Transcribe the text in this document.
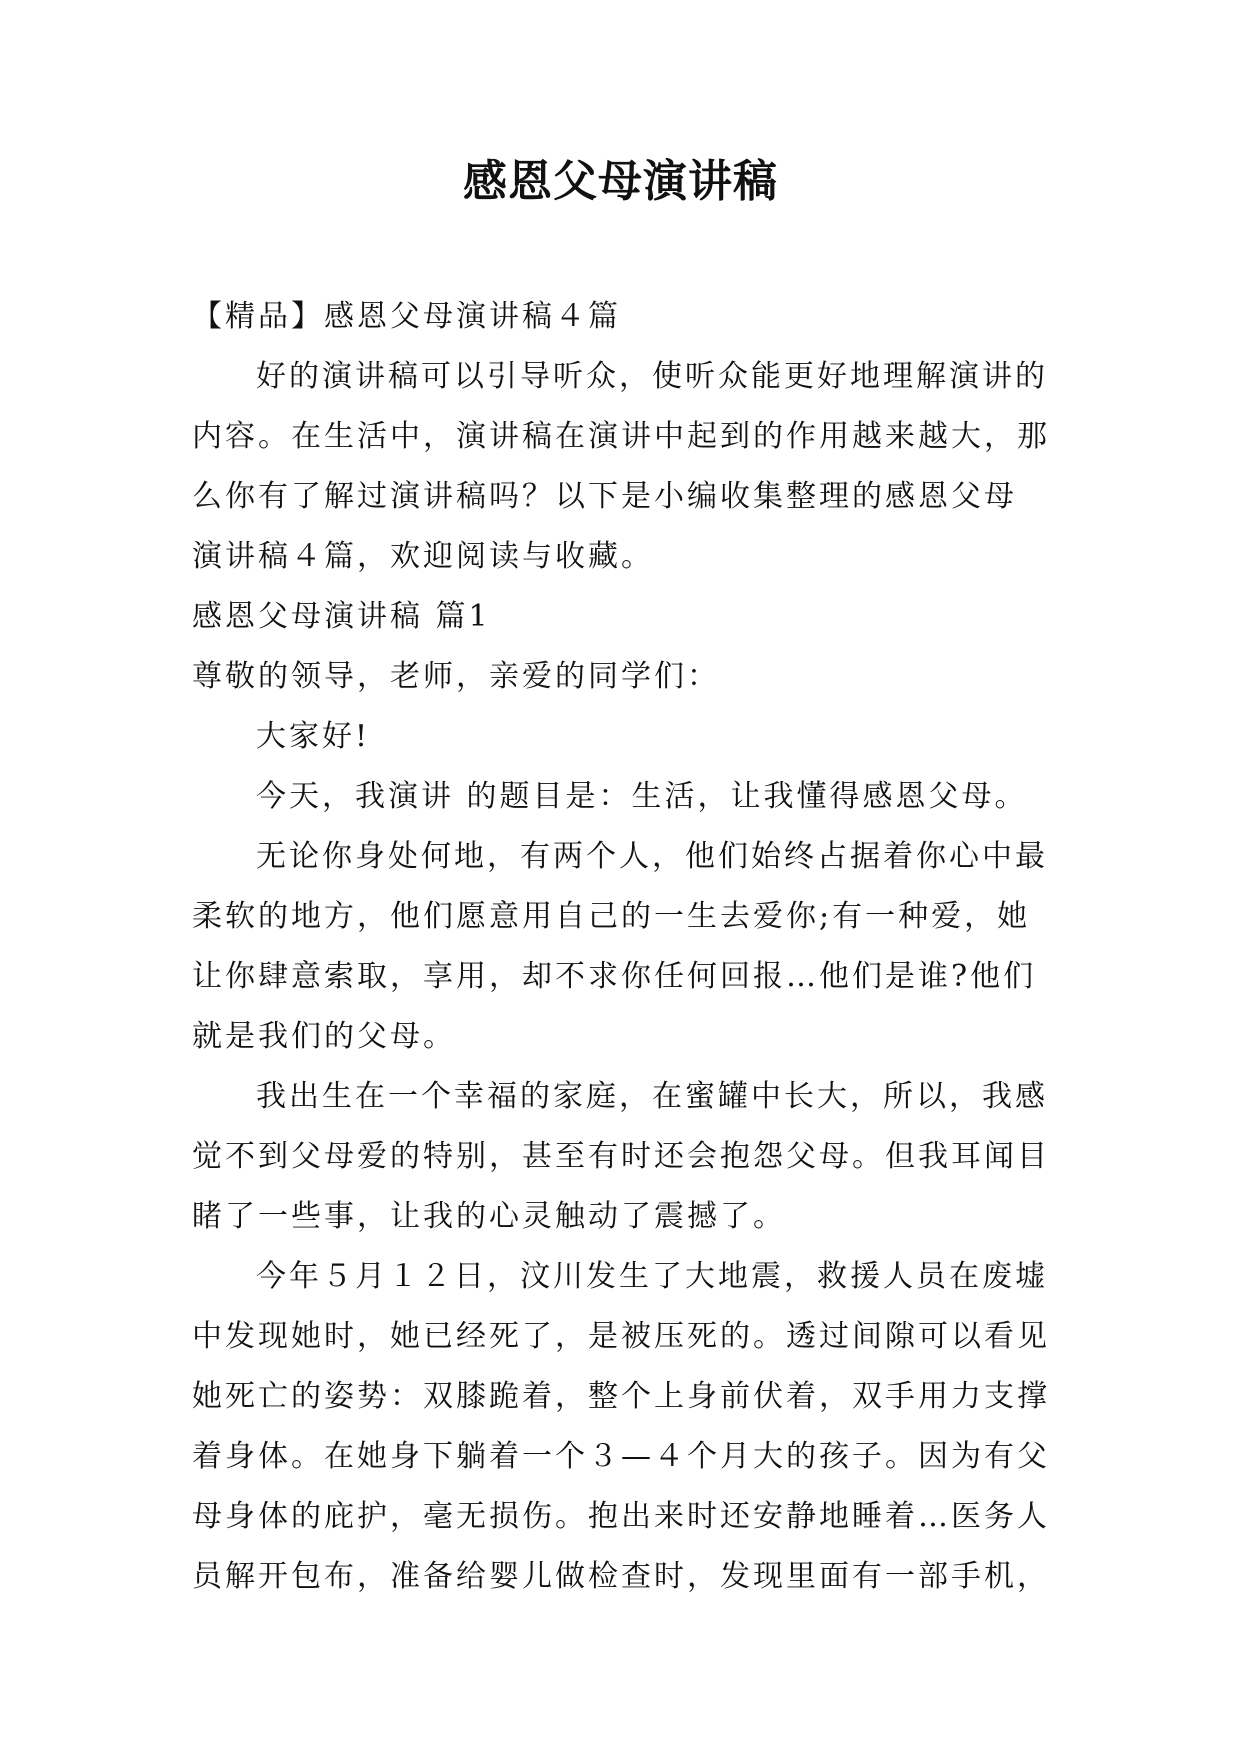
感恩父母演讲稿
【精品】感恩父母演讲稿４篇
好的演讲稿可以引导听众，使听众能更好地理解演讲的
内容。在生活中，演讲稿在演讲中起到的作用越来越大，那
么你有了解过演讲稿吗？以下是小编收集整理的感恩父母
演讲稿４篇，欢迎阅读与收藏。
感恩父母演讲稿 篇1
尊敬的领导，老师，亲爱的同学们：
大家好!
今天，我演讲 的题目是：生活，让我懂得感恩父母。
无论你身处何地，有两个人，他们始终占据着你心中最
柔软的地方，他们愿意用自己的一生去爱你;有一种爱，她
让你肆意索取，享用，却不求你任何回报…他们是谁?他们
就是我们的父母。
我出生在一个幸福的家庭，在蜜罐中长大，所以，我感
觉不到父母爱的特别，甚至有时还会抱怨父母。但我耳闻目
睹了一些事，让我的心灵触动了震撼了。
今年５月１２日，汶川发生了大地震，救援人员在废墟
中发现她时，她已经死了，是被压死的。透过间隙可以看见
她死亡的姿势：双膝跪着，整个上身前伏着，双手用力支撑
着身体。在她身下躺着一个３—４个月大的孩子。因为有父
母身体的庇护，毫无损伤。抱出来时还安静地睡着…医务人
员解开包布，准备给婴儿做检查时，发现里面有一部手机，
